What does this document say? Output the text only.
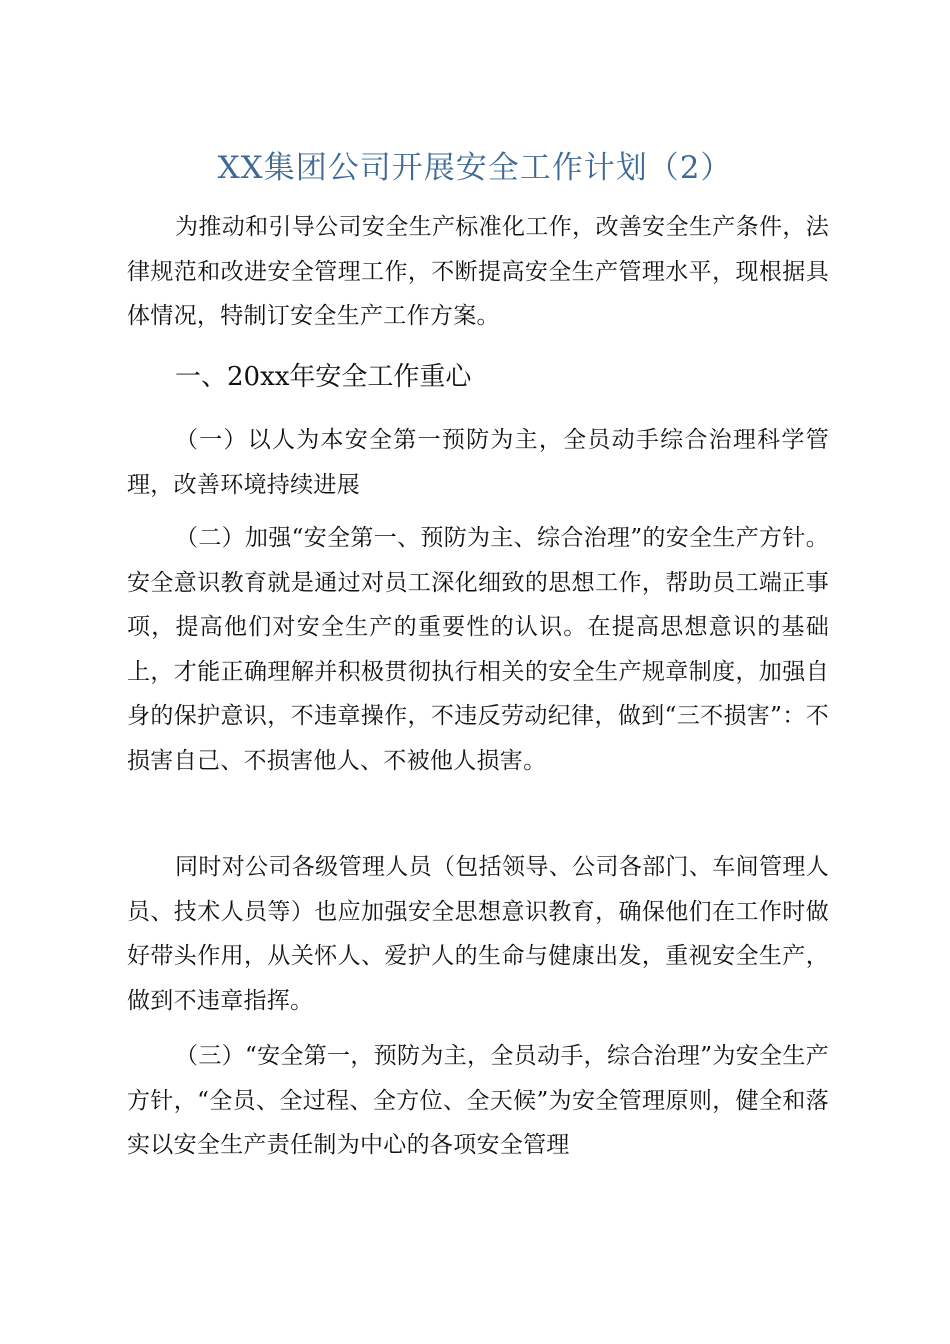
XX集团公司开展安全工作计划（2）
为推动和引导公司安全生产标准化工作，改善安全生产条件，法律规范和改进安全管理工作，不断提高安全生产管理水平，现根据具体情况，特制订安全生产工作方案。
一、20xx年安全工作重心
（一）以人为本安全第一预防为主，全员动手综合治理科学管理，改善环境持续进展
（二）加强“安全第一、预防为主、综合治理”的安全生产方针。安全意识教育就是通过对员工深化细致的思想工作，帮助员工端正事项，提高他们对安全生产的重要性的认识。在提高思想意识的基础上，才能正确理解并积极贯彻执行相关的安全生产规章制度，加强自身的保护意识，不违章操作，不违反劳动纪律，做到“三不损害”：不损害自己、不损害他人、不被他人损害。
同时对公司各级管理人员（包括领导、公司各部门、车间管理人员、技术人员等）也应加强安全思想意识教育，确保他们在工作时做好带头作用，从关怀人、爱护人的生命与健康出发，重视安全生产，做到不违章指挥。
（三）“安全第一，预防为主，全员动手，综合治理”为安全生产方针，“全员、全过程、全方位、全天候”为安全管理原则，健全和落实以安全生产责任制为中心的各项安全管理
